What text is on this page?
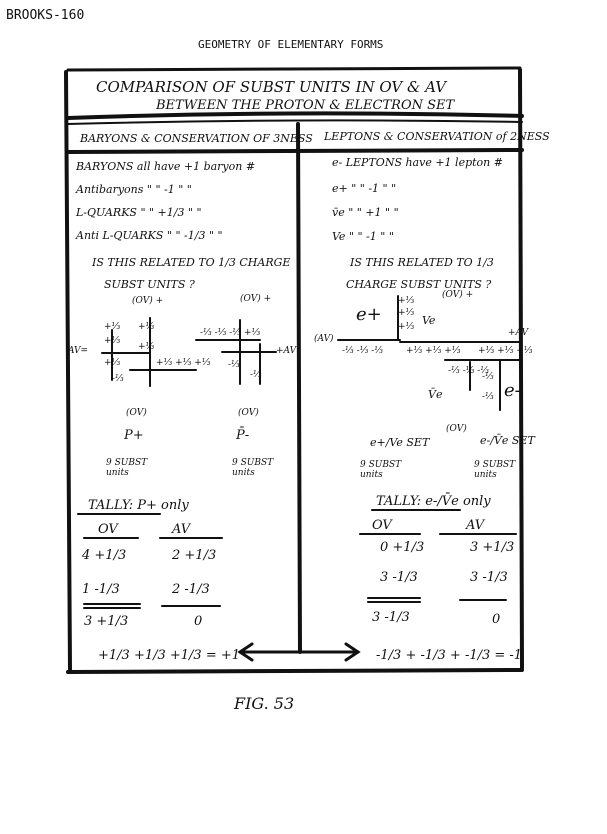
BROOKS-160
GEOMETRY OF ELEMENTARY FORMS
COMPARISON OF SUBST UNITS IN OV & AV
BETWEEN THE PROTON & ELECTRON SET
BARYONS & CONSERVATION OF 3NESS LEPTONS & CONSERVATION of 2NESS
BARYONS all have +1 baryon #
Antibaryons " " -1 " "
L-QUARKS " " +1/3 " "
Anti L-QUARKS " " -1/3 " "
e- LEPTONS have +1 lepton #
e+ " " -1 " "
v̄e " " +1 " "
Ve " " -1 " "
IS THIS RELATED TO 1/3 CHARGE
SUBST UNITS ?
IS THIS RELATED TO 1/3
CHARGE SUBST UNITS ?
AV=
(OV) +	(OV) +
+AV
+⅓
+⅓
+⅓
-⅓
+⅓
+⅓
+⅓ +⅓ +⅓
-⅓ -⅓ -⅓ +⅓
-⅓
-⅓
(OV)
P+
(OV)
P̄-
9 SUBST units
9 SUBST units
(AV)
(OV) +
+AV
e+	Ve
V̄e	e-
+⅓
+⅓
+⅓
-⅓ -⅓ -⅓	+⅓ +⅓ +⅓ +⅓ +⅓ +⅓
-⅓ -⅓ -⅓
-⅓
-⅓
(OV)
e+/Ve SET	e-/V̄e SET
9 SUBST units
9 SUBST units
TALLY: P+ only
OV	AV
4 +1/3	2 +1/3
1 -1/3	2 -1/3
3 +1/3	0
+1/3 +1/3 +1/3 = +1
TALLY: e-/V̄e only
OV	AV
0 +1/3	3 +1/3
3 -1/3	3 -1/3
3 -1/3	0
-1/3 + -1/3 + -1/3 = -1
FIG. 53
